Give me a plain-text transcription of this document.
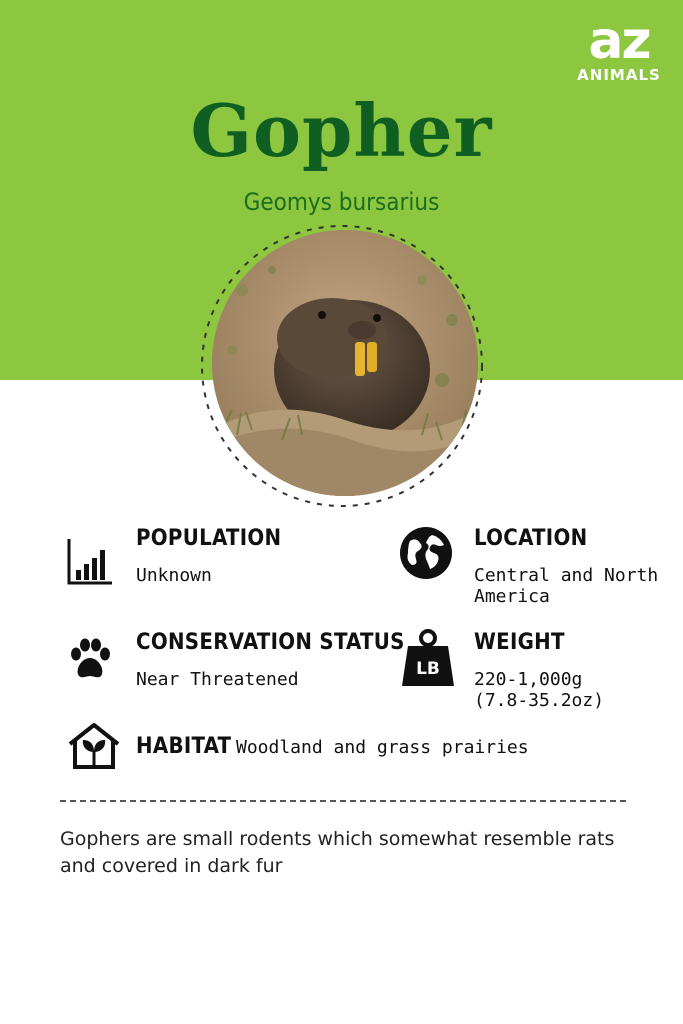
az
ANIMALS
Gopher
Geomys bursarius
POPULATION
Unknown
LOCATION
Central and North America
CONSERVATION STATUS
Near Threatened	LB
WEIGHT
220-1,000g (7.8-35.2oz)
HABITAT Woodland and grass prairies
Gophers are small rodents which somewhat resemble rats and covered in dark fur
